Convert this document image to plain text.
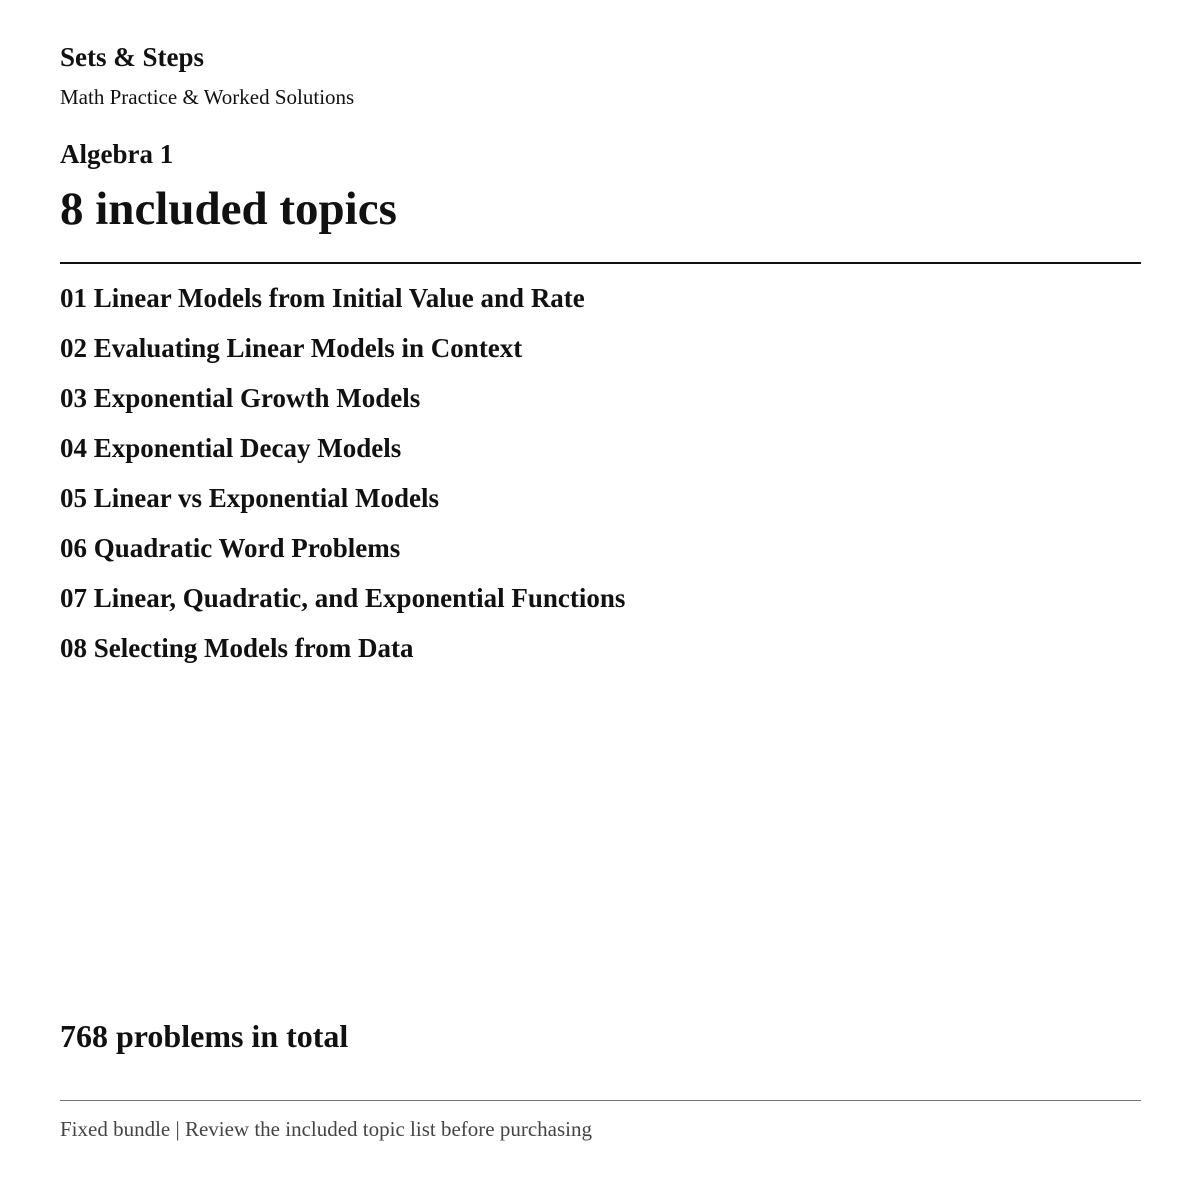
Sets & Steps
Math Practice & Worked Solutions
Algebra 1
8 included topics
01 Linear Models from Initial Value and Rate
02 Evaluating Linear Models in Context
03 Exponential Growth Models
04 Exponential Decay Models
05 Linear vs Exponential Models
06 Quadratic Word Problems
07 Linear, Quadratic, and Exponential Functions
08 Selecting Models from Data
768 problems in total
Fixed bundle | Review the included topic list before purchasing
